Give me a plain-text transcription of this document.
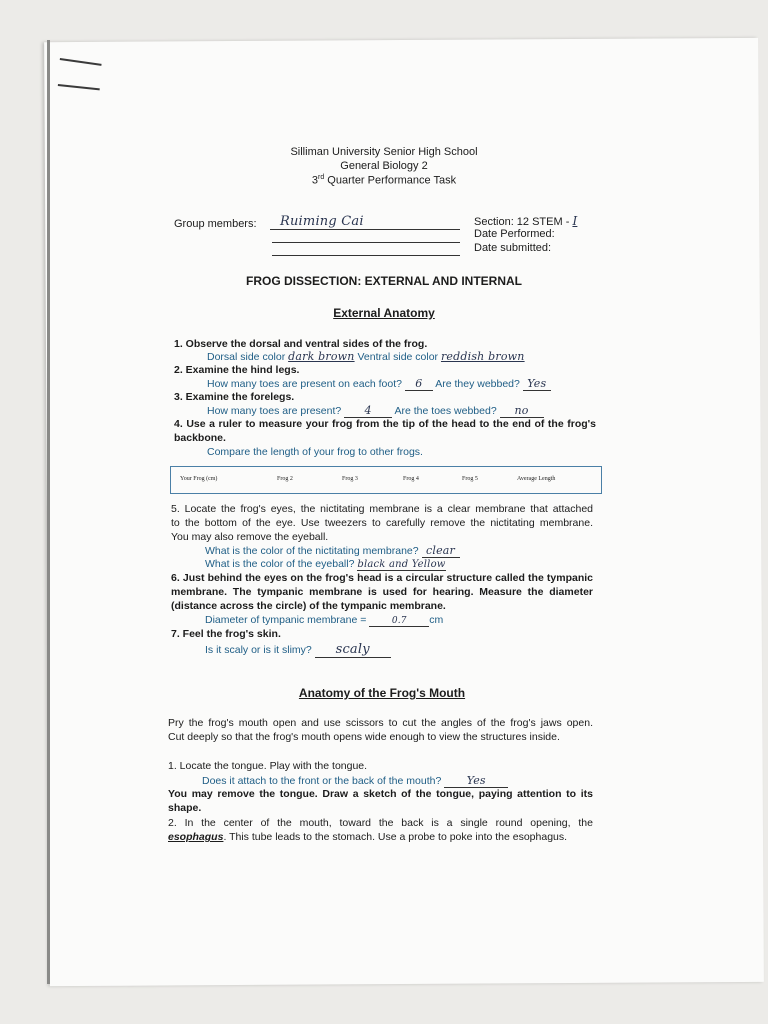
Silliman University Senior High School
General Biology 2
3rd Quarter Performance Task
Group members: Ruiming Cai	Section: 12 STEM - I
Date Performed:
Date submitted:
FROG DISSECTION: EXTERNAL AND INTERNAL
External Anatomy
1. Observe the dorsal and ventral sides of the frog.
Dorsal side color dark brown Ventral side color reddish brown
2. Examine the hind legs.
How many toes are present on each foot? 6 Are they webbed? Yes
3. Examine the forelegs.
How many toes are present? 4 Are the toes webbed? no
4. Use a ruler to measure your frog from the tip of the head to the end of the frog's
backbone.
Compare the length of your frog to other frogs.
Your Frog (cm)	Frog 2	Frog 3	Frog 4	Frog 5	Average Length
5. Locate the frog's eyes, the nictitating membrane is a clear membrane that attached
to the bottom of the eye. Use tweezers to carefully remove the nictitating membrane.
You may also remove the eyeball.
What is the color of the nictitating membrane? clear
What is the color of the eyeball? black and Yellow
6. Just behind the eyes on the frog's head is a circular structure called the tympanic
membrane. The tympanic membrane is used for hearing. Measure the diameter
(distance across the circle) of the tympanic membrane.
Diameter of tympanic membrane =	0.7 cm
7. Feel the frog's skin.
Is it scaly or is it slimy? scaly
Anatomy of the Frog's Mouth
Pry the frog's mouth open and use scissors to cut the angles of the frog's jaws open.
Cut deeply so that the frog's mouth opens wide enough to view the structures inside.
1. Locate the tongue. Play with the tongue.
Does it attach to the front or the back of the mouth? Yes
You may remove the tongue. Draw a sketch of the tongue, paying attention to its
shape.
2. In the center of the mouth, toward the back is a single round opening, the
esophagus. This tube leads to the stomach. Use a probe to poke into the esophagus.
